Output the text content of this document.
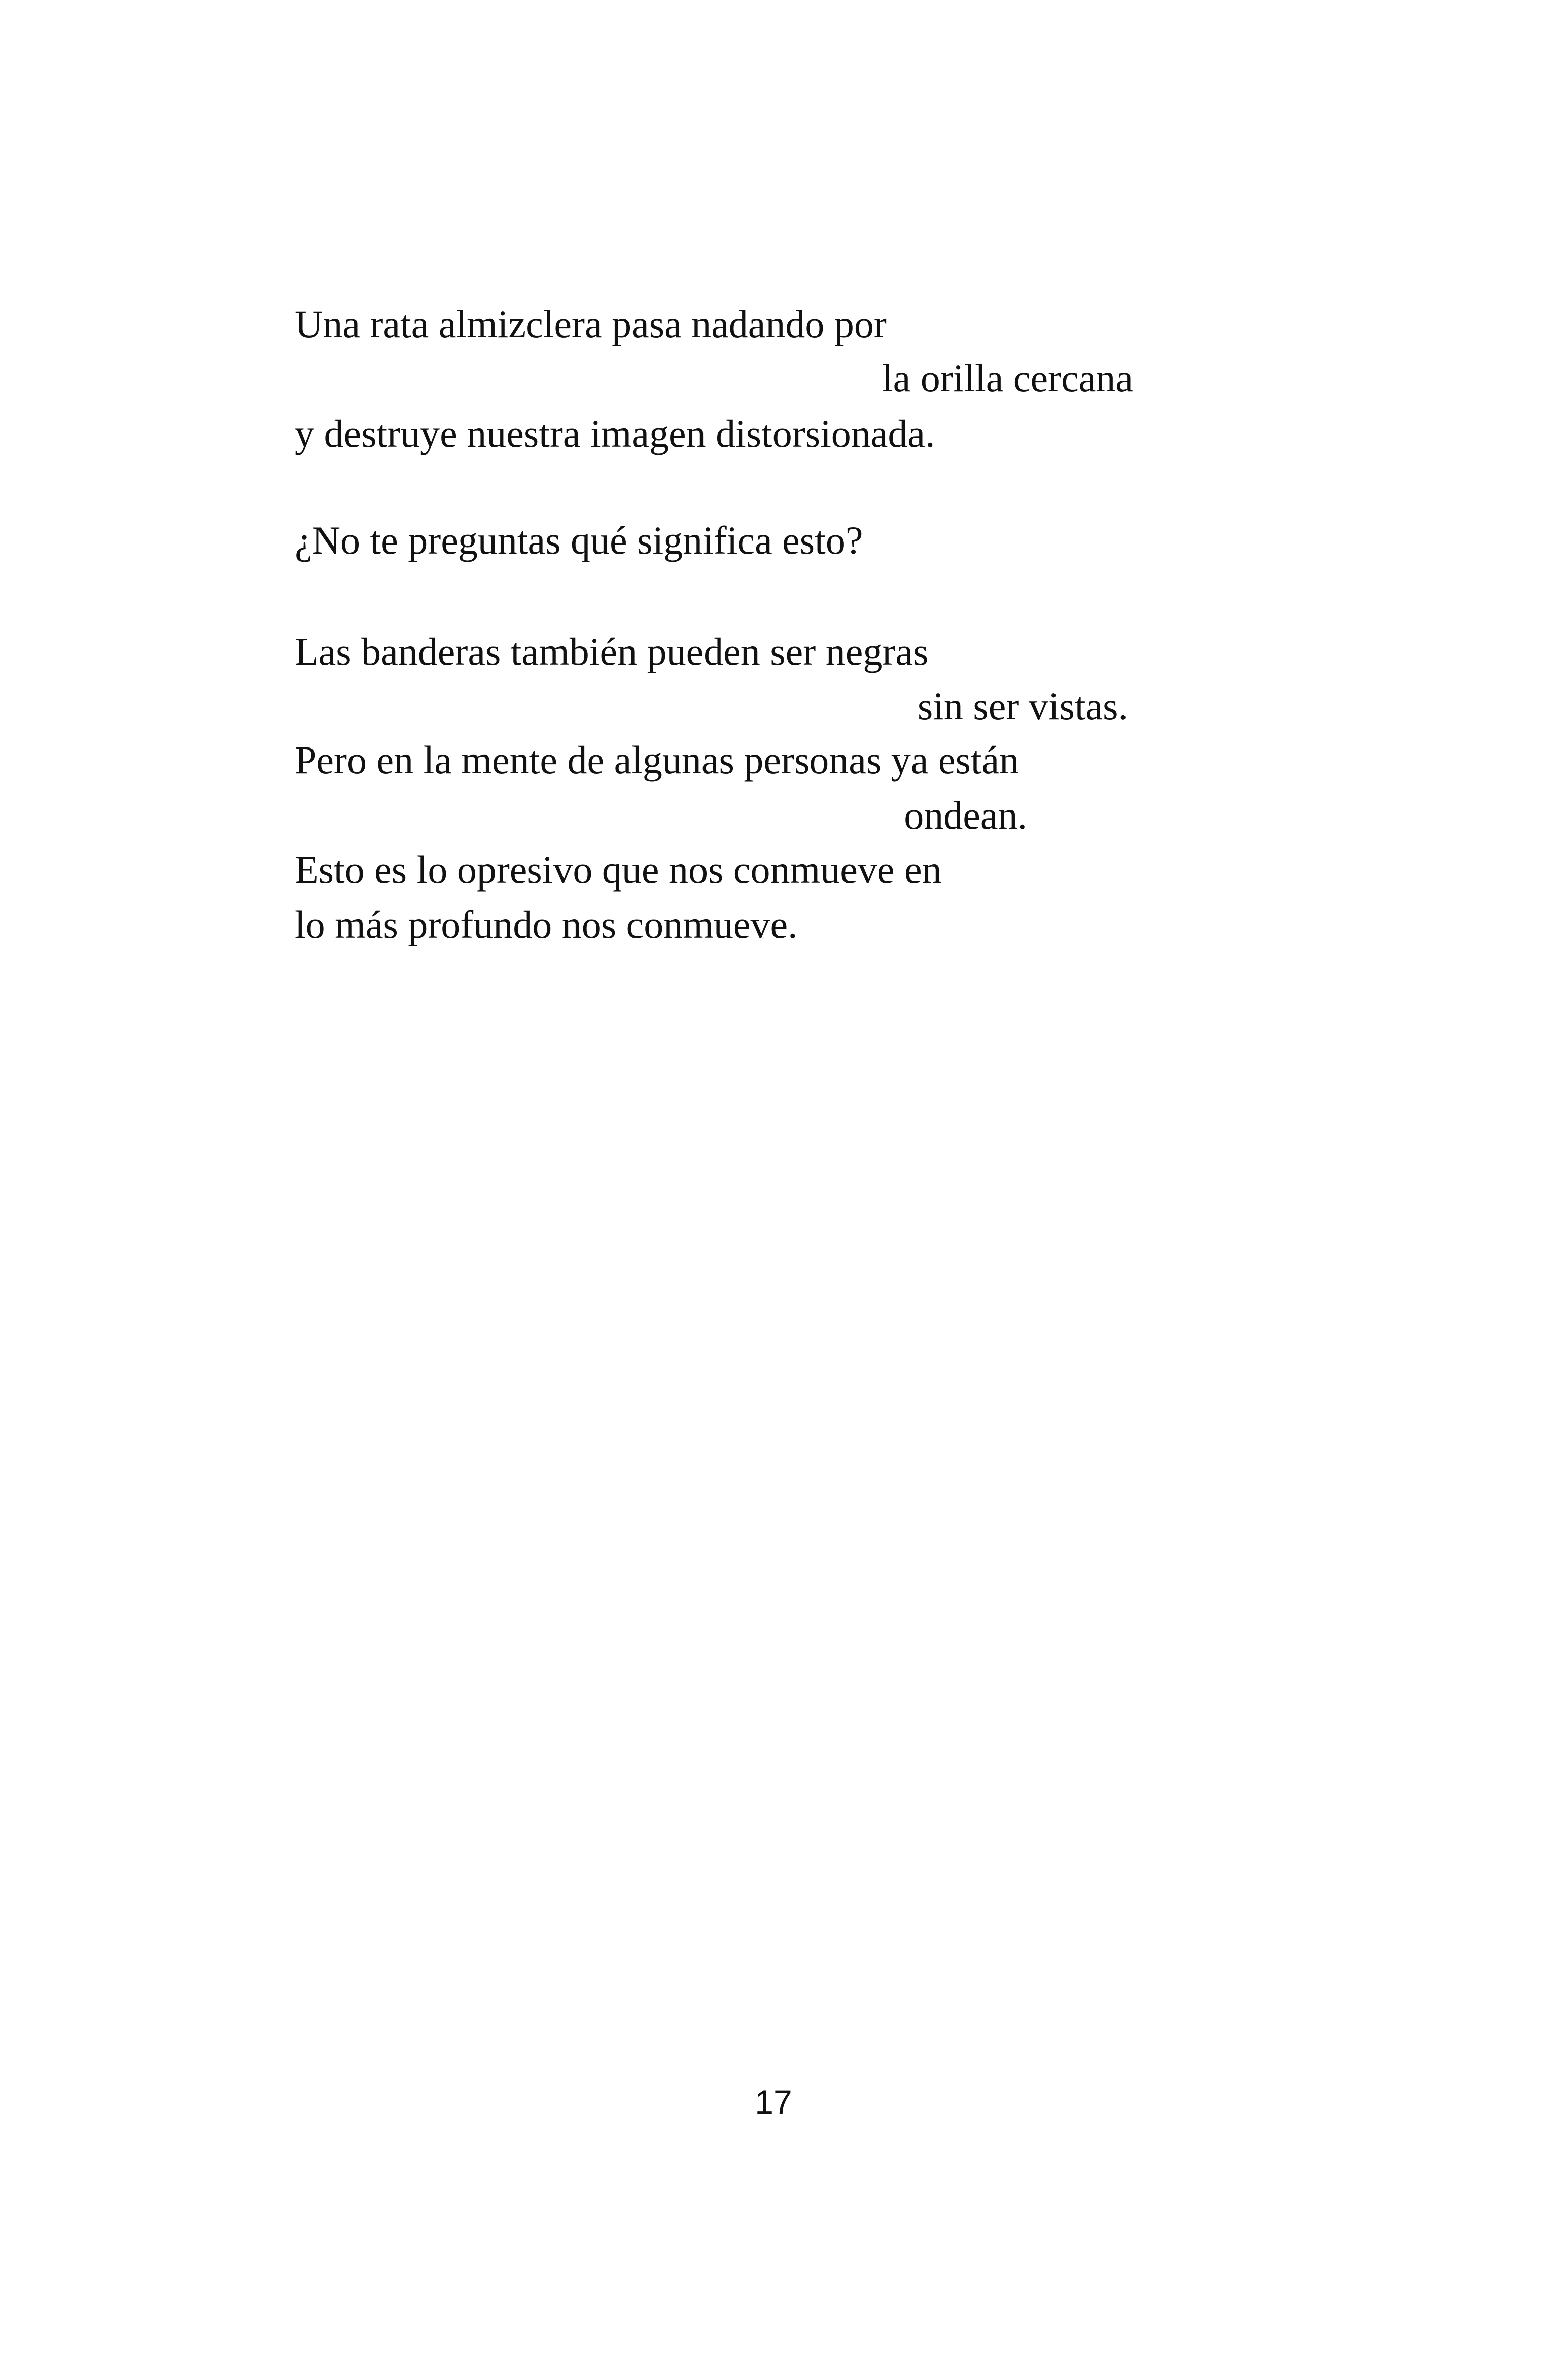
Una rata almizclera pasa nadando por

la orilla cercana

y destruye nuestra imagen distorsionada.

¿No te preguntas qué significa esto?

Las banderas también pueden ser negras

sin ser vistas.

Pero en la mente de algunas personas ya están

ondean.

Esto es lo opresivo que nos conmueve en

lo más profundo nos conmueve.

17
